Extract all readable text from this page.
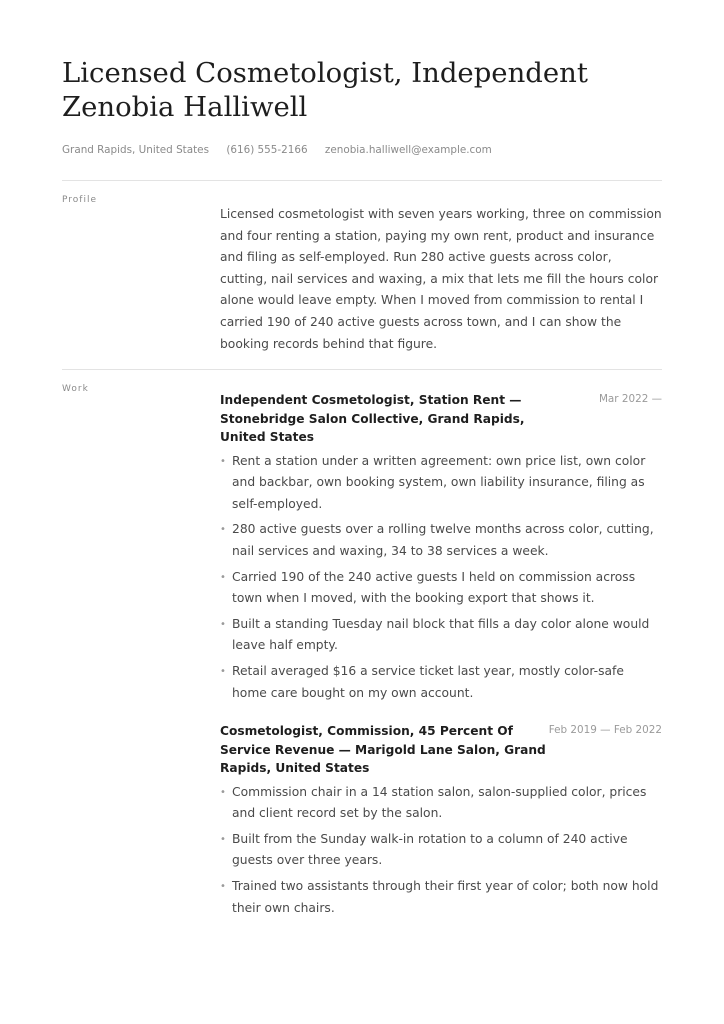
Licensed Cosmetologist, Independent
Zenobia Halliwell
Grand Rapids, United States (616) 555-2166 zenobia.halliwell@example.com
Profile

Licensed cosmetologist with seven years working, three on commission and four renting a station, paying my own rent, product and insurance and filing as self-employed. Run 280 active guests across color, cutting, nail services and waxing, a mix that lets me fill the hours color alone would leave empty. When I moved from commission to rental I carried 190 of 240 active guests across town, and I can show the booking records behind that figure.

Work
Independent Cosmetologist, Station Rent — Stonebridge Salon Collective, Grand Rapids, United States
Mar 2022 —
• Rent a station under a written agreement: own price list, own color and backbar, own booking system, own liability insurance, filing as self-employed.
• 280 active guests over a rolling twelve months across color, cutting, nail services and waxing, 34 to 38 services a week.
• Carried 190 of the 240 active guests I held on commission across town when I moved, with the booking export that shows it.
• Built a standing Tuesday nail block that fills a day color alone would leave half empty.
• Retail averaged $16 a service ticket last year, mostly color-safe home care bought on my own account.
Cosmetologist, Commission, 45 Percent Of Service Revenue — Marigold Lane Salon, Grand Rapids, United States
Feb 2019 — Feb 2022
• Commission chair in a 14 station salon, salon-supplied color, prices and client record set by the salon.
• Built from the Sunday walk-in rotation to a column of 240 active guests over three years.
• Trained two assistants through their first year of color; both now hold their own chairs.
